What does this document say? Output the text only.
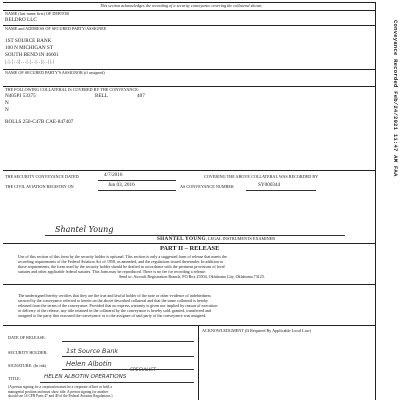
This section acknowledges the recording of a security conveyance covering the collateral shown.
NAME (last name first) OF DEBTOR
BELDRO LLC
NAME and ADDRESS OF SECURED PARTY/ASSIGNEE
1ST SOURCE BANK
100 N MICHIGAN ST
SOUTH BEND IN 46601
|.|.|..||...|.|..|..||..||.|
NAME OF SECURED PARTY'S ASSIGNOR (if assigned)
THE FOLLOWING COLLATERAL IS COVERED BY THE CONVEYANCE:
N405PJ 53375	BELL	407
N
N
ROLLS 250-C47B CAE-847407
THE SECURITY CONVEYANCE DATED	4/7/2016	COVERING THE ABOVE COLLATERAL WAS RECORDED BY
THE CIVIL AVIATION REGISTRY ON	Jun 03, 2016	AS CONVEYANCE NUMBER	SY000344
Shantel Young
SHANTEL YOUNG, LEGAL INSTRUMENTS EXAMINER
PART II – RELEASE
Use of this section of this form by the security holder is optional. This section is only a suggested form of release that meets the
recording requirements of the Federal Aviation Act of 1958, as amended, and the regulations issued thereunder. In addition to
those requirements, the form used by the security holder should be drafted in accordance with the pertinent provisions of local
statutes and other applicable federal statutes. This form may be reproduced. There is no fee for recording a release.
Send to: Aircraft Registration Branch, PO Box 25504, Oklahoma City, Oklahoma 73125.
The undersigned hereby certifies that they are the true and lawful holder of the note or other evidence of indebtedness
secured by the conveyance referred to herein on the above described collateral and that the same collateral is hereby
released from the terms of the conveyance. Provided that no express warranty is given nor implied by reason of execution
or delivery of the release, any title retained in the collateral by the conveyance is hereby sold, granted, transferred and
assigned to the party that executed the conveyance or to the assignee of said party of the conveyance was assigned.
DATE OF RELEASE:
SECURITY HOLDER:	1st Source Bank
SIGNATURE: (In ink)	Helen Albotin
TITLE:	HELEN ALBOTIN OPERATIONS
SPECIALIST
(A person signing for a corporation must be a corporate officer or hold a
managerial position and must show title. A person signing for another
should see 14 CFR Parts 47 and 49 of the Federal Aviation Regulations.)
ACKNOWLEDGMENT (If Required By Applicable Local Law)
Conveyance Recorded Feb/24/2021 11:47 AM FAA
